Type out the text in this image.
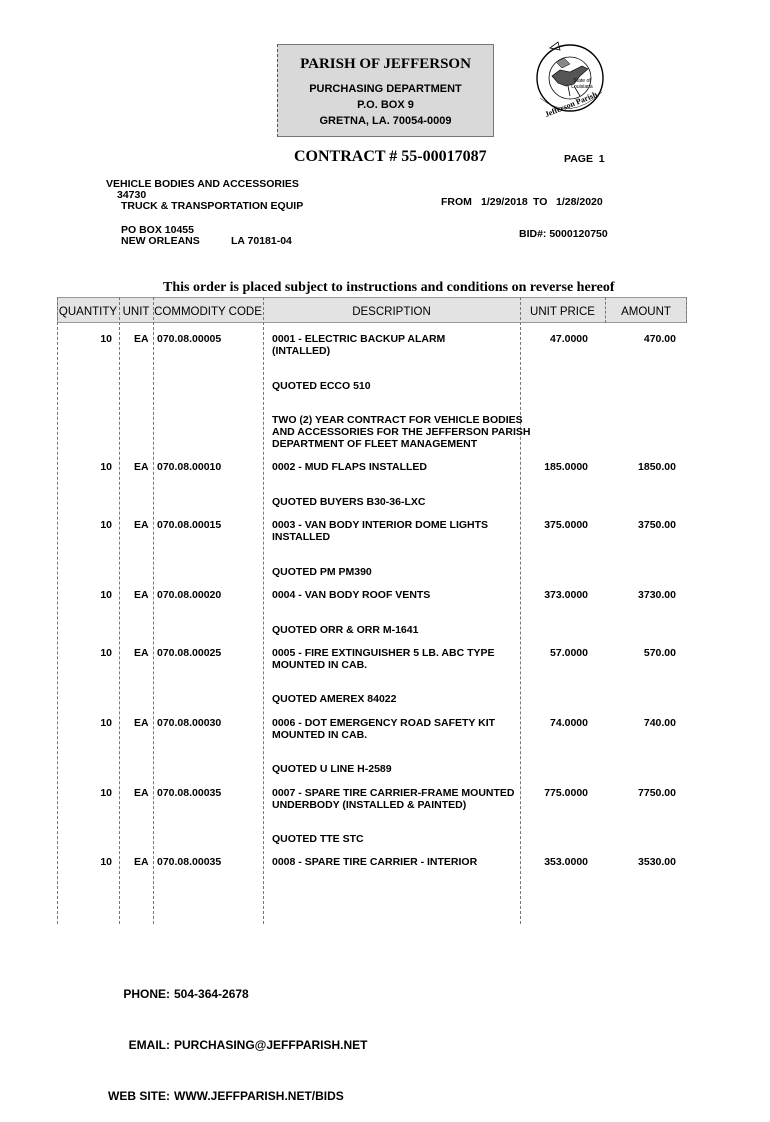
PARISH OF JEFFERSON
PURCHASING DEPARTMENT
P.O. BOX 9
GRETNA, LA. 70054-0009
State of
Louisiana
Jefferson Parish
CONTRACT # 55-00017087	PAGE  1
VEHICLE BODIES AND ACCESSORIES
34730
TRUCK & TRANSPORTATION EQUIP
PO BOX 10455
NEW ORLEANS	LA 70181-04
FROM 1/29/2018 TO 1/28/2020
BID#: 5000120750
This order is placed subject to instructions and conditions on reverse hereof
QUANTITY UNIT COMMODITY CODE	DESCRIPTION	UNIT PRICE	AMOUNT
10 EA 070.08.00005	0001 - ELECTRIC BACKUP ALARM
(INTALLED)
47.0000	470.00
QUOTED ECCO 510
TWO (2) YEAR CONTRACT FOR VEHICLE BODIES
AND ACCESSORIES FOR THE JEFFERSON PARISH
DEPARTMENT OF FLEET MANAGEMENT
10 EA 070.08.00010	0002 - MUD FLAPS INSTALLED	185.0000	1850.00
QUOTED BUYERS B30-36-LXC
10 EA 070.08.00015	0003 - VAN BODY INTERIOR DOME LIGHTS
INSTALLED
375.0000	3750.00
QUOTED PM PM390
10 EA 070.08.00020	0004 - VAN BODY ROOF VENTS	373.0000	3730.00
QUOTED ORR & ORR M-1641
10 EA 070.08.00025	0005 - FIRE EXTINGUISHER 5 LB. ABC TYPE
MOUNTED IN CAB.
57.0000	570.00
QUOTED AMEREX 84022
10 EA 070.08.00030	0006 - DOT EMERGENCY ROAD SAFETY KIT
MOUNTED IN CAB.
74.0000	740.00
QUOTED U LINE H-2589
10 EA 070.08.00035	0007 - SPARE TIRE CARRIER-FRAME MOUNTED
UNDERBODY (INSTALLED & PAINTED)
775.0000	7750.00
QUOTED TTE STC
10 EA 070.08.00035	0008 - SPARE TIRE CARRIER - INTERIOR	353.0000	3530.00

PHONE: 504-364-2678

EMAIL: PURCHASING@JEFFPARISH.NET

WEB SITE: WWW.JEFFPARISH.NET/BIDS
